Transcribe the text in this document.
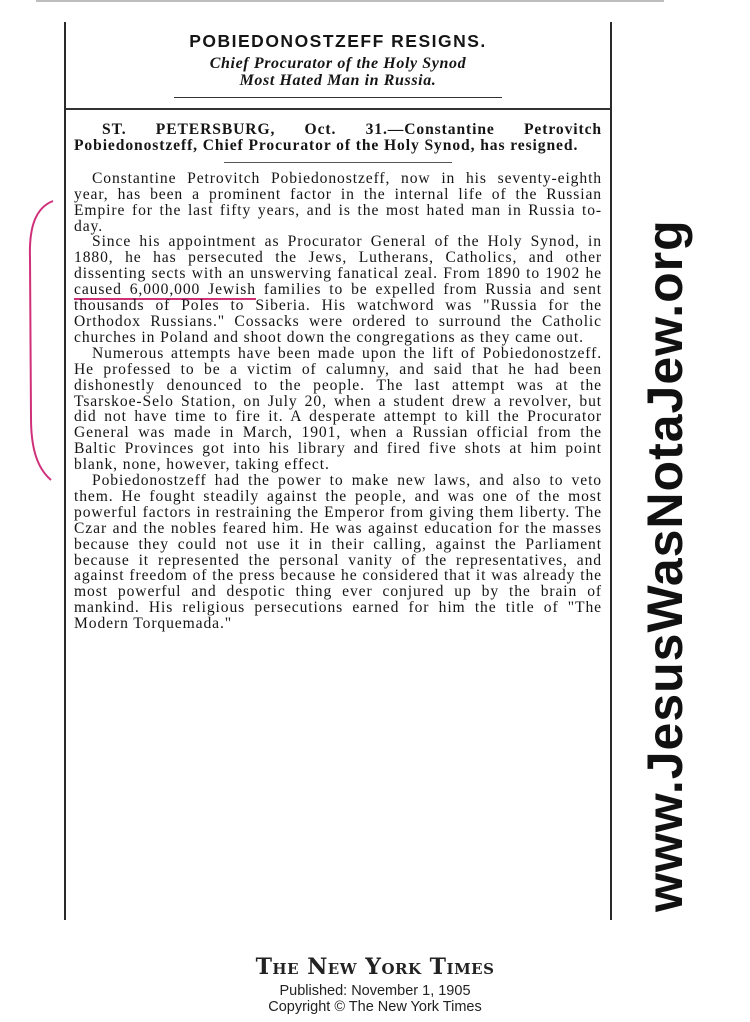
POBIEDONOSTZEFF RESIGNS.
Chief Procurator of the Holy Synod
Most Hated Man in Russia.

ST. PETERSBURG, Oct. 31.—Constantine Petrovitch Pobiedonostzeff, Chief Procurator of the Holy Synod, has resigned.

Constantine Petrovitch Pobiedonostzeff, now in his seventy-eighth year, has been a prominent factor in the internal life of the Russian Empire for the last fifty years, and is the most hated man in Russia to-day.

Since his appointment as Procurator General of the Holy Synod, in 1880, he has persecuted the Jews, Lutherans, Catholics, and other dissenting sects with an unswerving fanatical zeal. From 1890 to 1902 he caused 6,000,000 Jewish families to be expelled from Russia and sent thousands of Poles to Siberia. His watchword was "Russia for the Orthodox Russians." Cossacks were ordered to surround the Catholic churches in Poland and shoot down the congregations as they came out.

Numerous attempts have been made upon the lift of Pobiedonostzeff. He professed to be a victim of calumny, and said that he had been dishonestly denounced to the people. The last attempt was at the Tsarskoe-Selo Station, on July 20, when a student drew a revolver, but did not have time to fire it. A desperate attempt to kill the Procurator General was made in March, 1901, when a Russian official from the Baltic Provinces got into his library and fired five shots at him point blank, none, however, taking effect.

Pobiedonostzeff had the power to make new laws, and also to veto them. He fought steadily against the people, and was one of the most powerful factors in restraining the Emperor from giving them liberty. The Czar and the nobles feared him. He was against education for the masses because they could not use it in their calling, against the Parliament because it represented the personal vanity of the representatives, and against freedom of the press because he considered that it was already the most powerful and despotic thing ever conjured up by the brain of mankind. His religious persecutions earned for him the title of "The Modern Torquemada."	www.JesusWasNotaJew.org
The New York Times
Published: November 1, 1905
Copyright © The New York Times
